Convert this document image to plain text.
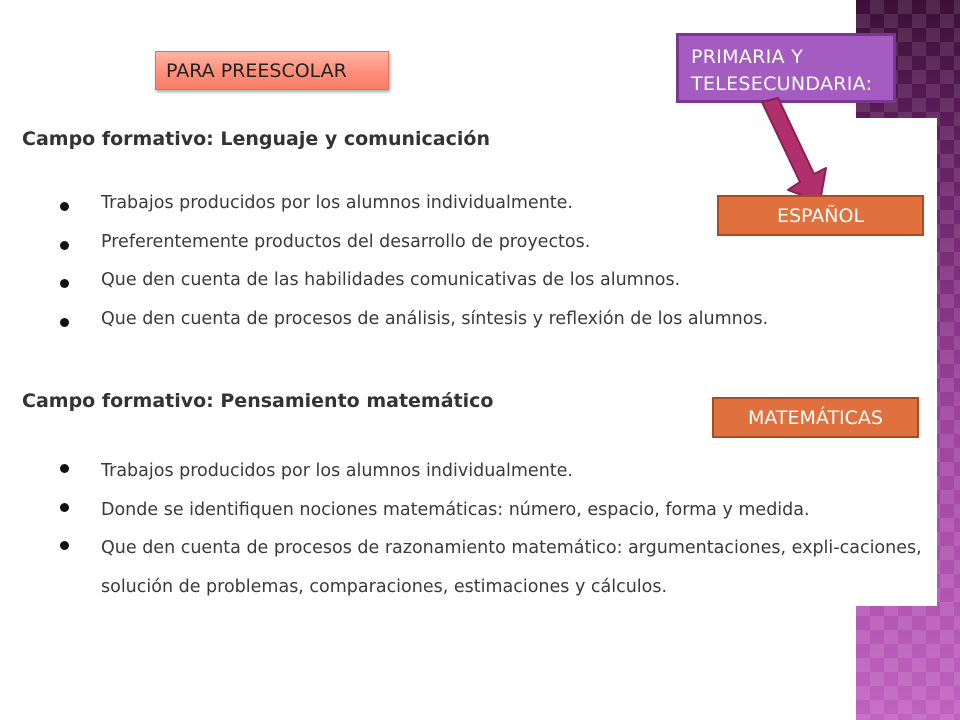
PARA PREESCOLAR
PRIMARIA Y
TELESECUNDARIA:
ESPAÑOL
MATEMÁTICAS
Campo formativo: Lenguaje y comunicación
Trabajos producidos por los alumnos individualmente.
Preferentemente productos del desarrollo de proyectos.
Que den cuenta de las habilidades comunicativas de los alumnos.
Que den cuenta de procesos de análisis, síntesis y reflexión de los alumnos.
Campo formativo: Pensamiento matemático
Trabajos producidos por los alumnos individualmente.
Donde se identifiquen nociones matemáticas: número, espacio, forma y medida.
Que den cuenta de procesos de razonamiento matemático: argumentaciones, expli-caciones, solución de problemas, comparaciones, estimaciones y cálculos.
